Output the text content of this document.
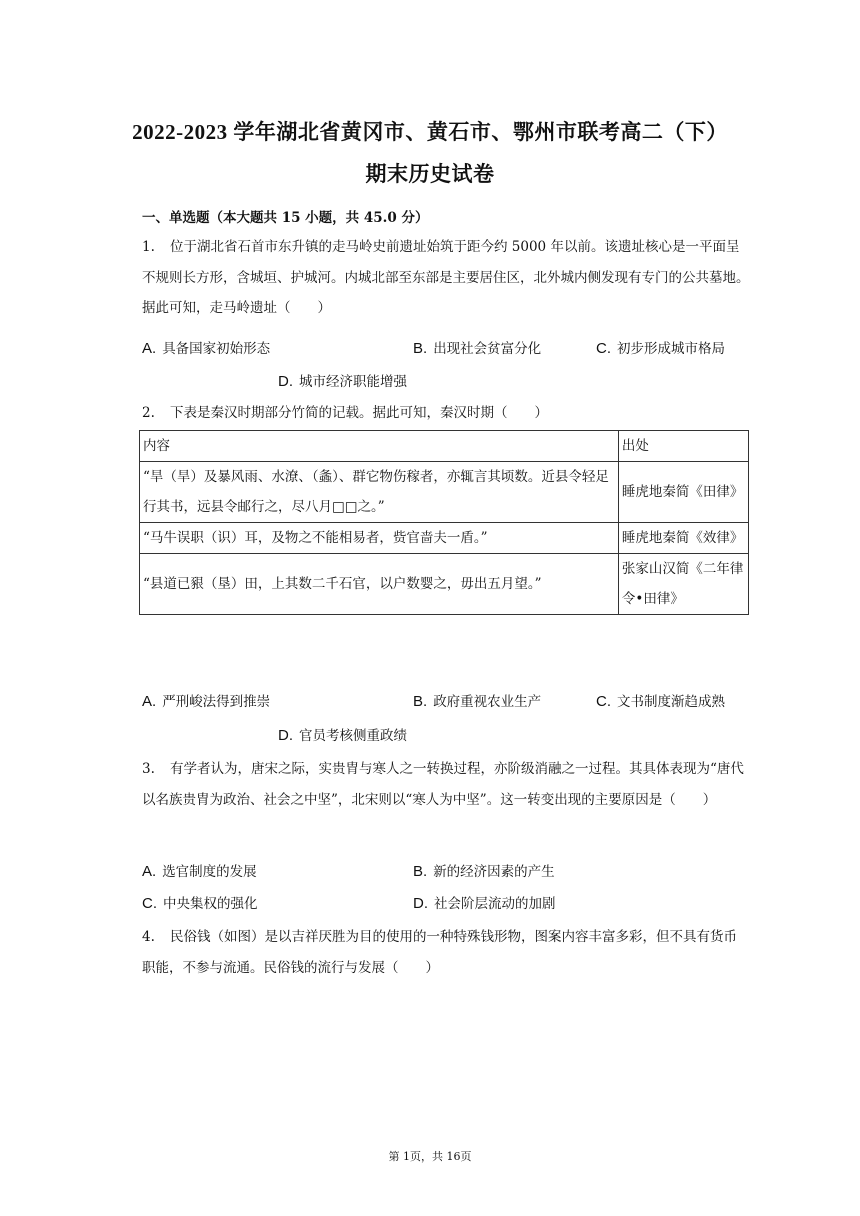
2022-2023 学年湖北省黄冈市、黄石市、鄂州市联考高二（下）
期末历史试卷
一、单选题（本大题共 15 小题，共 45.0 分）
1. 位于湖北省石首市东升镇的走马岭史前遗址始筑于距今约 5000 年以前。该遗址核心是一平面呈不规则长方形，含城垣、护城河。内城北部至东部是主要居住区，北外城内侧发现有专门的公共墓地。据此可知，走马岭遗址（　　）
A. 具备国家初始形态	B. 出现社会贫富分化	C. 初步形成城市格局
D. 城市经济职能增强
2. 下表是秦汉时期部分竹简的记载。据此可知，秦汉时期（　　）
内容	出处
“旱（旱）及暴风雨、水潦、（螽）、群它物伤稼者，亦辄言其顷数。近县令轻足行其书，远县令邮行之，尽八月□□之。”	睡虎地秦简《田律》
“马牛误职（识）耳，及物之不能相易者，赀官啬夫一盾。”	睡虎地秦简《效律》
“县道已豤（垦）田，上其数二千石官，以户数婴之，毋出五月望。”	张家山汉简《二年律令•田律》
A. 严刑峻法得到推崇	B. 政府重视农业生产	C. 文书制度渐趋成熟
D. 官员考核侧重政绩
3. 有学者认为，唐宋之际，实贵胄与寒人之一转换过程，亦阶级消融之一过程。其具体表现为“唐代以名族贵胄为政治、社会之中坚”，北宋则以“寒人为中坚”。这一转变出现的主要原因是（　　）
A. 选官制度的发展	B. 新的经济因素的产生
C. 中央集权的强化	D. 社会阶层流动的加剧
4. 民俗钱（如图）是以吉祥厌胜为目的使用的一种特殊钱形物，图案内容丰富多彩，但不具有货币职能，不参与流通。民俗钱的流行与发展（　　）
第 1页，共 16页
